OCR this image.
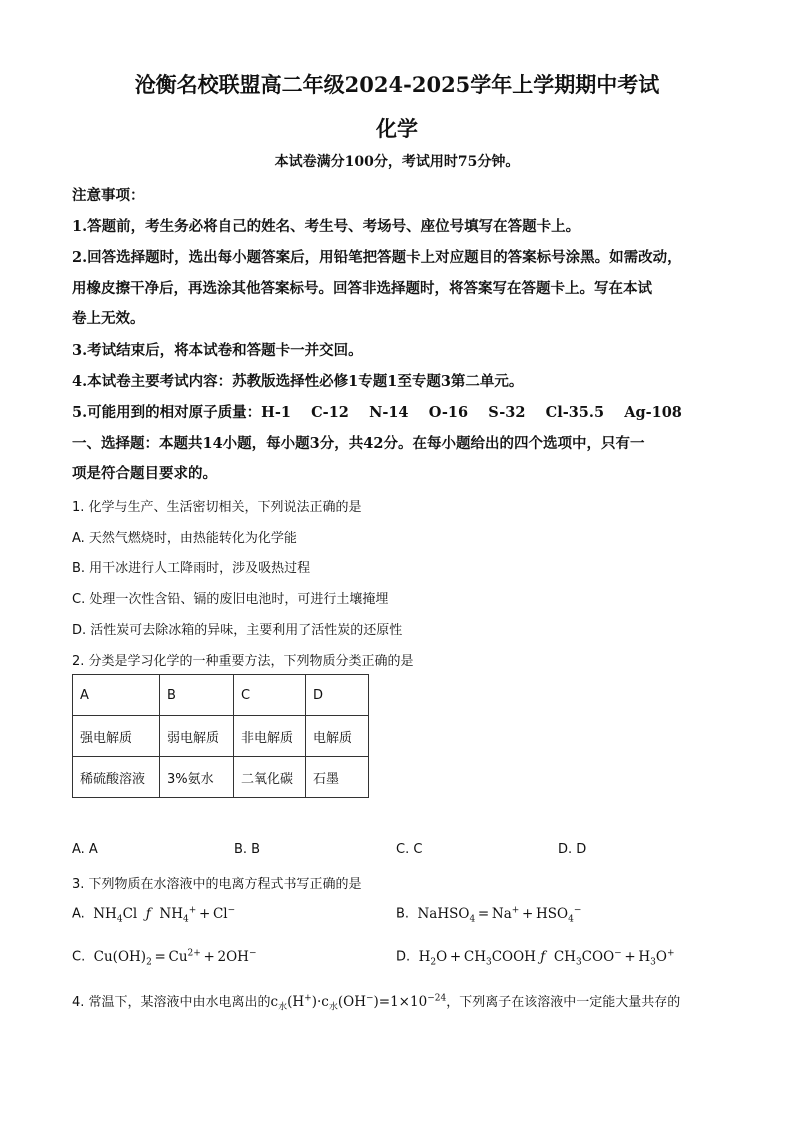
沧衡名校联盟高二年级2024-2025学年上学期期中考试
化学
本试卷满分100分，考试用时75分钟。
注意事项：
1.答题前，考生务必将自己的姓名、考生号、考场号、座位号填写在答题卡上。
2.回答选择题时，选出每小题答案后，用铅笔把答题卡上对应题目的答案标号涂黑。如需改动，
用橡皮擦干净后，再选涂其他答案标号。回答非选择题时，将答案写在答题卡上。写在本试
卷上无效。
3.考试结束后，将本试卷和答题卡一并交回。
4.本试卷主要考试内容：苏教版选择性必修1专题1至专题3第二单元。
5.可能用到的相对原子质量：H-1    C-12    N-14    O-16    S-32    Cl-35.5    Ag-108
一、选择题：本题共14小题，每小题3分，共42分。在每小题给出的四个选项中，只有一
项是符合题目要求的。
1. 化学与生产、生活密切相关，下列说法正确的是
A. 天然气燃烧时，由热能转化为化学能
B. 用干冰进行人工降雨时，涉及吸热过程
C. 处理一次性含铅、镉的废旧电池时，可进行土壤掩埋
D. 活性炭可去除冰箱的异味，主要利用了活性炭的还原性
2. 分类是学习化学的一种重要方法，下列物质分类正确的是
A	B	C	D
强电解质	弱电解质	非电解质	电解质
稀硫酸溶液	3%氨水	二氧化碳	石墨
A. A	B. B	C. C	D. D
3. 下列物质在水溶液中的电离方程式书写正确的是
A.  $NH_4Cl$  ƒ  $NH_4^+ + Cl^-$	B.  NaHSO$_4$ = $Na^+ + HSO_4^-$
C.  $Cu(OH)_2 = Cu^{2+} + 2OH^-$	D.  $H_2O$ + $CH_3COOH$ ƒ  $CH_3COO^- + H_3O^+$
4. 常温下，某溶液中由水电离出的$c_水(H^+)\cdot c_水(OH^-)=1\times 10^{-24}$，下列离子在该溶液中一定能大量共存的
